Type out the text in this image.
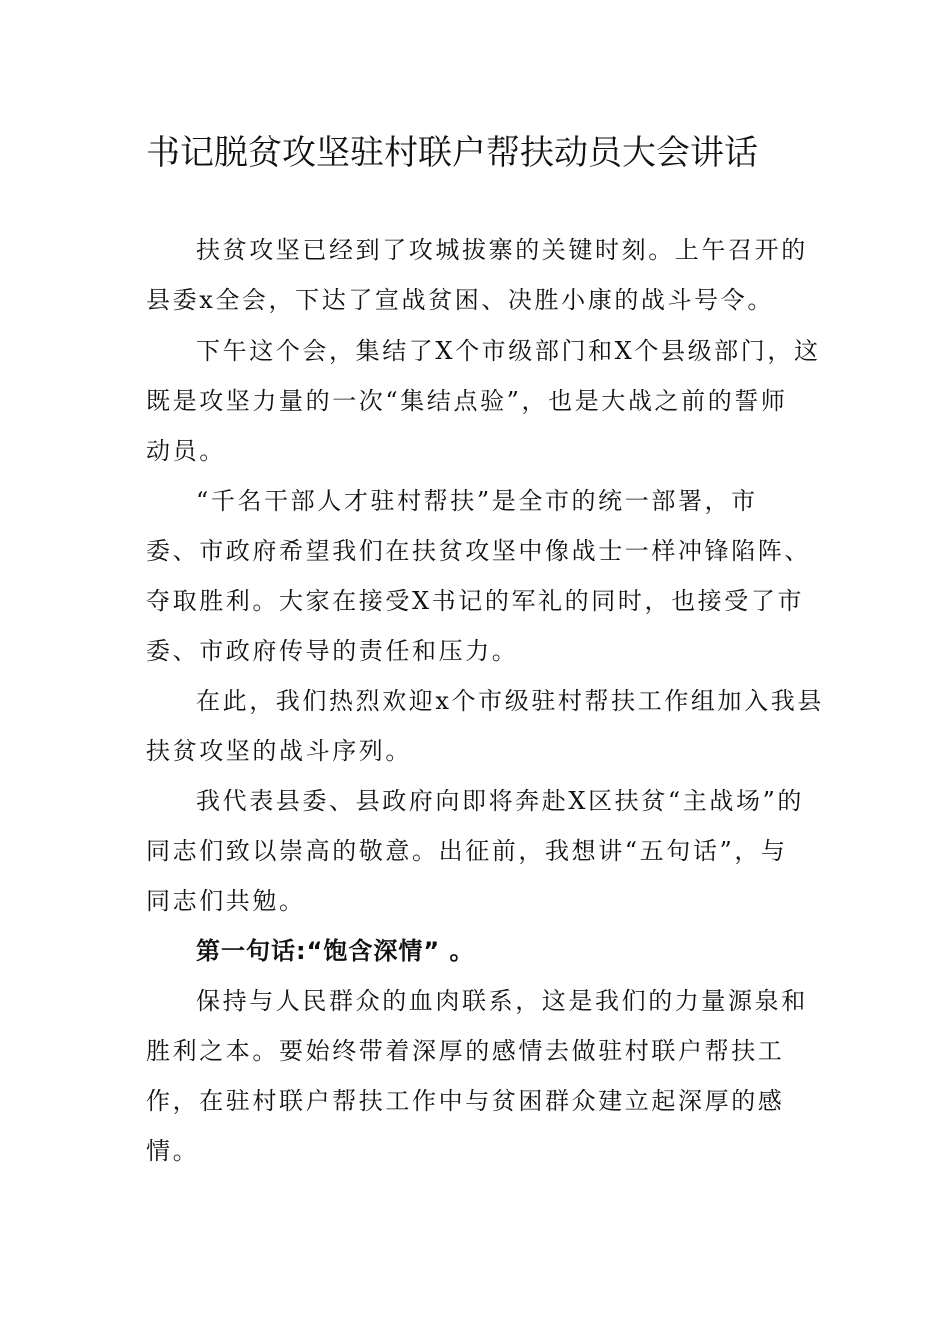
书记脱贫攻坚驻村联户帮扶动员大会讲话
扶贫攻坚已经到了攻城拔寨的关键时刻。上午召开的
县委x全会，下达了宣战贫困、决胜小康的战斗号令。
下午这个会，集结了X个市级部门和X个县级部门，这
既是攻坚力量的一次“集结点验”，也是大战之前的誓师
动员。
“千名干部人才驻村帮扶”是全市的统一部署，市
委、市政府希望我们在扶贫攻坚中像战士一样冲锋陷阵、
夺取胜利。大家在接受X书记的军礼的同时，也接受了市
委、市政府传导的责任和压力。
在此，我们热烈欢迎x个市级驻村帮扶工作组加入我县
扶贫攻坚的战斗序列。
我代表县委、县政府向即将奔赴X区扶贫“主战场”的
同志们致以崇高的敬意。出征前，我想讲“五句话”，与
同志们共勉。
第一句话:“饱含深情” 。
保持与人民群众的血肉联系，这是我们的力量源泉和
胜利之本。要始终带着深厚的感情去做驻村联户帮扶工
作，在驻村联户帮扶工作中与贫困群众建立起深厚的感
情。
